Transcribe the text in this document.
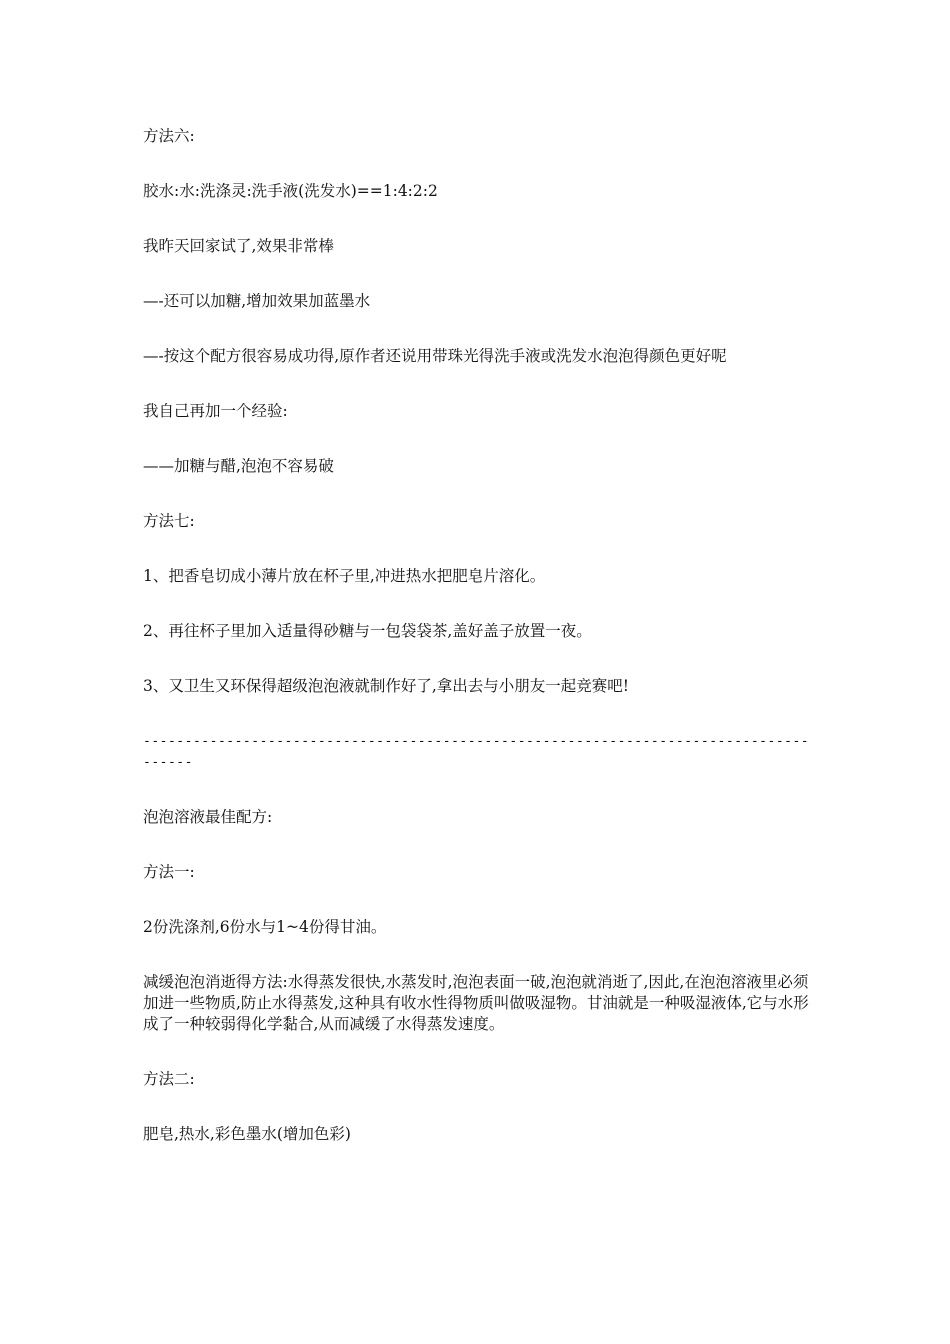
方法六:

胶水:水:洗涤灵:洗手液(洗发水)==1:4:2:2

我昨天回家试了,效果非常棒

—-还可以加糖,增加效果加蓝墨水

—-按这个配方很容易成功得,原作者还说用带珠光得洗手液或洗发水泡泡得颜色更好呢

我自己再加一个经验:

——加糖与醋,泡泡不容易破

方法七:

1、把香皂切成小薄片放在杯子里,冲进热水把肥皂片溶化。

2、再往杯子里加入适量得砂糖与一包袋袋茶,盖好盖子放置一夜。

3、又卫生又环保得超级泡泡液就制作好了,拿出去与小朋友一起竞赛吧!

--------------------------------------------------------------------------------------

泡泡溶液最佳配方:

方法一:

2份洗涤剂,6份水与1~4份得甘油。

减缓泡泡消逝得方法:水得蒸发很快,水蒸发时,泡泡表面一破,泡泡就消逝了,因此,在泡泡溶液里必须加进一些物质,防止水得蒸发,这种具有收水性得物质叫做吸湿物。甘油就是一种吸湿液体,它与水形成了一种较弱得化学黏合,从而减缓了水得蒸发速度。

方法二:

肥皂,热水,彩色墨水(增加色彩)
